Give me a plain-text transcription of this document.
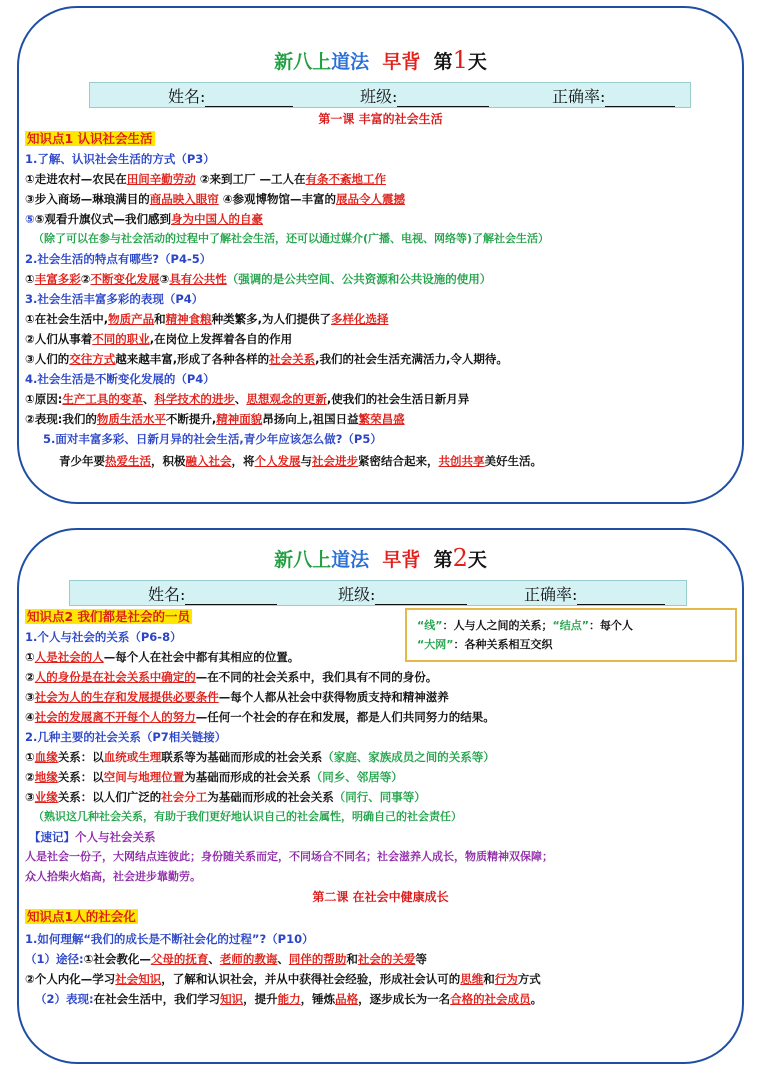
新八上道法 早背 第1天
姓名:	班级:	正确率:
第一课 丰富的社会生活
知识点1 认识社会生活
1.了解、认识社会生活的方式（P3）
①走进农村—农民在田间辛勤劳动 ②来到工厂 —工人在有条不紊地工作
③步入商场—琳琅满目的商品映入眼帘 ④参观博物馆—丰富的展品令人震撼
⑤⑤观看升旗仪式—我们感到身为中国人的自豪
（除了可以在参与社会活动的过程中了解社会生活，还可以通过媒介(广播、电视、网络等)了解社会生活）
2.社会生活的特点有哪些?（P4-5）
①丰富多彩②不断变化发展③具有公共性（强调的是公共空间、公共资源和公共设施的使用）
3.社会生活丰富多彩的表现（P4）
①在社会生活中,物质产品和精神食粮种类繁多,为人们提供了多样化选择
②人们从事着不同的职业,在岗位上发挥着各自的作用
③人们的交往方式越来越丰富,形成了各种各样的社会关系,我们的社会生活充满活力,令人期待。
4.社会生活是不断变化发展的（P4）
①原因:生产工具的变革、科学技术的进步、思想观念的更新,使我们的社会生活日新月异
②表现:我们的物质生活水平不断提升,精神面貌昂扬向上,祖国日益繁荣昌盛
5.面对丰富多彩、日新月异的社会生活,青少年应该怎么做?（P5）
青少年要热爱生活，积极融入社会，将个人发展与社会进步紧密结合起来，共创共享美好生活。
新八上道法 早背 第2天
姓名:	班级:	正确率:
知识点2 我们都是社会的一员
“线”：人与人之间的关系；“结点”：每个人
“大网”：各种关系相互交织
1.个人与社会的关系（P6-8）
①人是社会的人—每个人在社会中都有其相应的位置。
②人的身份是在社会关系中确定的—在不同的社会关系中，我们具有不同的身份。
③社会为人的生存和发展提供必要条件—每个人都从社会中获得物质支持和精神滋养
④社会的发展离不开每个人的努力—任何一个社会的存在和发展，都是人们共同努力的结果。
2.几种主要的社会关系（P7相关链接）
①血缘关系：以血统或生理联系等为基础而形成的社会关系（家庭、家族成员之间的关系等）
②地缘关系：以空间与地理位置为基础而形成的社会关系（同乡、邻居等）
③业缘关系：以人们广泛的社会分工为基础而形成的社会关系（同行、同事等）
（熟识这几种社会关系，有助于我们更好地认识自己的社会属性，明确自己的社会责任）
【速记】个人与社会关系
人是社会一份子，大网结点连彼此；身份随关系而定，不同场合不同名；社会滋养人成长，物质精神双保障；
众人拾柴火焰高，社会进步靠勤劳。
第二课 在社会中健康成长
知识点1人的社会化
1.如何理解“我们的成长是不断社会化的过程”?（P10）
（1）途径:①社会教化—父母的抚育、老师的教诲、同伴的帮助和社会的关爱等
②个人内化—学习社会知识，了解和认识社会，并从中获得社会经验，形成社会认可的思维和行为方式
（2）表现:在社会生活中，我们学习知识，提升能力，锤炼品格，逐步成长为一名合格的社会成员。
